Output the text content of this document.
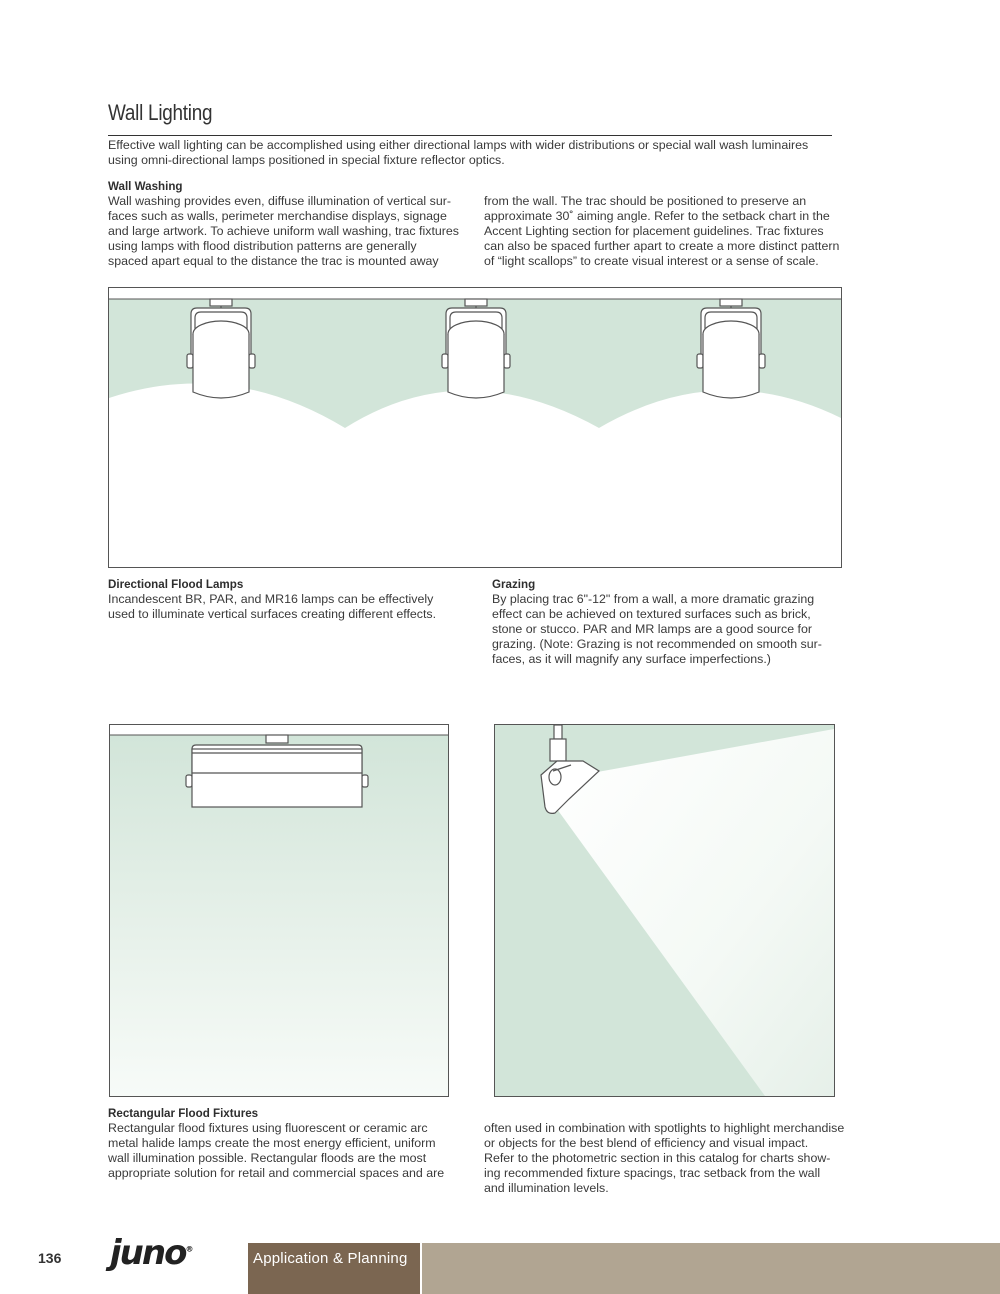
Wall Lighting
Effective wall lighting can be accomplished using either directional lamps with wider distributions or special wall wash luminaires using omni-directional lamps positioned in special fixture reflector optics.
Wall Washing
Wall washing provides even, diffuse illumination of vertical sur-
faces such as walls, perimeter merchandise displays, signage
and large artwork. To achieve uniform wall washing, trac fixtures
using lamps with flood distribution patterns are generally
spaced apart equal to the distance the trac is mounted away
from the wall. The trac should be positioned to preserve an
approximate 30˚ aiming angle. Refer to the setback chart in the
Accent Lighting section for placement guidelines. Trac fixtures
can also be spaced further apart to create a more distinct pattern
of “light scallops” to create visual interest or a sense of scale.
Directional Flood Lamps
Incandescent BR, PAR, and MR16 lamps can be effectively
used to illuminate vertical surfaces creating different effects.
Grazing
By placing trac 6"-12" from a wall, a more dramatic grazing
effect can be achieved on textured surfaces such as brick,
stone or stucco. PAR and MR lamps are a good source for
grazing. (Note: Grazing is not recommended on smooth sur-
faces, as it will magnify any surface imperfections.)
Rectangular Flood Fixtures
Rectangular flood fixtures using fluorescent or ceramic arc
metal halide lamps create the most energy efficient, uniform
wall illumination possible. Rectangular floods are the most
appropriate solution for retail and commercial spaces and are
often used in combination with spotlights to highlight merchandise
or objects for the best blend of efficiency and visual impact.
Refer to the photometric section in this catalog for charts show-
ing recommended fixture spacings, trac setback from the wall
and illumination levels.
136 juno®
Application & Planning
